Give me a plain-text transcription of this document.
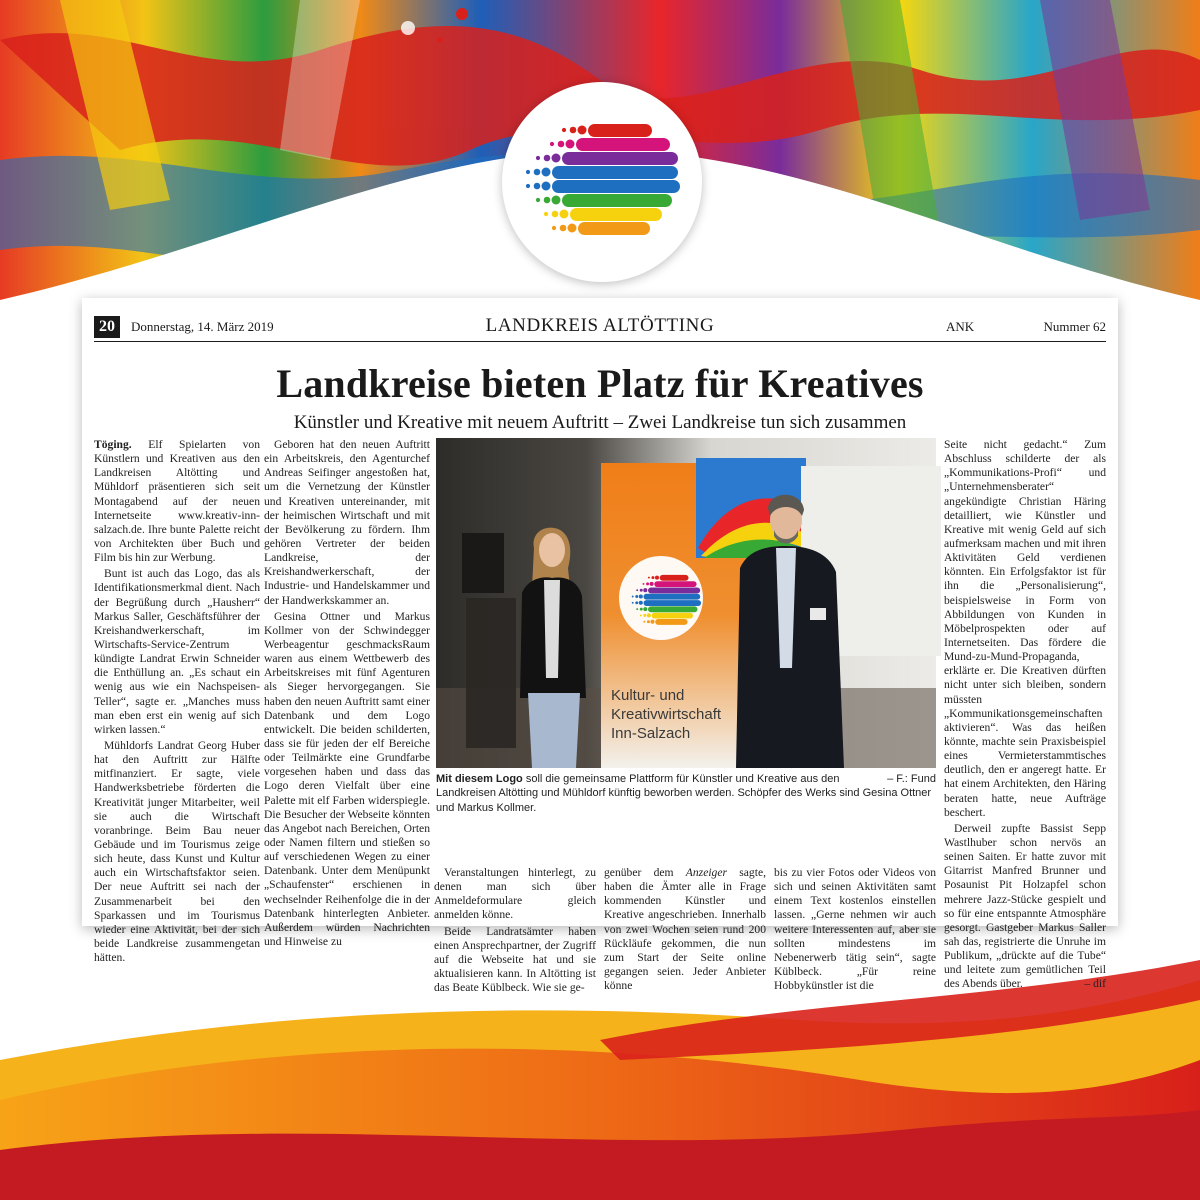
20	Donnerstag, 14. März 2019	LANDKREIS ALTÖTTING	ANK	Nummer 62
Landkreise bieten Platz für Kreatives
Künstler und Kreative mit neuem Auftritt – Zwei Landkreise tun sich zusammen

Töging. Elf Spielarten von Künstlern und Kreativen aus den Landkreisen Altötting und Mühldorf präsentieren sich seit Montagabend auf der neuen Internetseite www.kreativ-inn-salzach.de. Ihre bunte Palette reicht von Architekten über Buch und Film bis hin zur Werbung.

Bunt ist auch das Logo, das als Identifikationsmerkmal dient. Nach der Begrüßung durch „Hausherr“ Markus Saller, Geschäftsführer der Kreishandwerkerschaft, im Wirtschafts-Service-Zentrum kündigte Landrat Erwin Schneider die Enthüllung an. „Es schaut ein wenig aus wie ein Nachspeisen-Teller“, sagte er. „Manches muss man eben erst ein wenig auf sich wirken lassen.“

Mühldorfs Landrat Georg Huber hat den Auftritt zur Hälfte mitfinanziert. Er sagte, viele Handwerksbetriebe förderten die Kreativität junger Mitarbeiter, weil sie auch die Wirtschaft voranbringe. Beim Bau neuer Gebäude und im Tourismus zeige sich heute, dass Kunst und Kultur auch ein Wirtschaftsfaktor seien. Der neue Auftritt sei nach der Zusammenarbeit bei den Sparkassen und im Tourismus wieder eine Aktivität, bei der sich beide Landkreise zusammengetan hätten.

Geboren hat den neuen Auftritt ein Arbeitskreis, den Agenturchef Andreas Seifinger angestoßen hat, um die Vernetzung der Künstler und Kreativen untereinander, mit der heimischen Wirtschaft und mit der Bevölkerung zu fördern. Ihm gehören Vertreter der beiden Landkreise, der Kreishandwerkerschaft, der Industrie- und Handelskammer und der Handwerkskammer an.

Gesina Ottner und Markus Kollmer von der Schwindegger Werbeagentur geschmacksRaum waren aus einem Wettbewerb des Arbeitskreises mit fünf Agenturen als Sieger hervorgegangen. Sie haben den neuen Auftritt samt einer Datenbank und dem Logo entwickelt. Die beiden schilderten, dass sie für jeden der elf Bereiche oder Teilmärkte eine Grundfarbe vorgesehen haben und dass das Logo deren Vielfalt über eine Palette mit elf Farben widerspiegle. Die Besucher der Webseite könnten das Angebot nach Bereichen, Orten oder Namen filtern und stießen so auf verschiedenen Wegen zu einer Datenbank. Unter dem Menüpunkt „Schaufenster“ erschienen in wechselnder Reihenfolge die in der Datenbank hinterlegten Anbieter. Außerdem würden Nachrichten und Hinweise zu

Kultur- und
Kreativwirtschaft
Inn-Salzach
– F.: Fund
Mit diesem Logo soll die gemeinsame Plattform für Künstler und Kreative aus den Landkreisen Altötting und Mühldorf künftig beworben werden. Schöpfer des Werks sind Gesina Ottner und Markus Kollmer.

Veranstaltungen hinterlegt, zu denen man sich über Anmeldeformulare gleich anmelden könne.

Beide Landratsämter haben einen Ansprechpartner, der Zugriff auf die Webseite hat und sie aktualisieren kann. In Altötting ist das Beate Küblbeck. Wie sie ge-

genüber dem Anzeiger sagte, haben die Ämter alle in Frage kommenden Künstler und Kreative angeschrieben. Innerhalb von zwei Wochen seien rund 200 Rückläufe gekommen, die nun zum Start der Seite online gegangen seien. Jeder Anbieter könne

bis zu vier Fotos oder Videos von sich und seinen Aktivitäten samt einem Text kostenlos einstellen lassen. „Gerne nehmen wir auch weitere Interessenten auf, aber sie sollten mindestens im Nebenerwerb tätig sein“, sagte Küblbeck. „Für reine Hobbykünstler ist die

Seite nicht gedacht.“ Zum Abschluss schilderte der als „Kommunikations-Profi“ und „Unternehmensberater“ angekündigte Christian Häring detailliert, wie Künstler und Kreative mit wenig Geld auf sich aufmerksam machen und mit ihren Aktivitäten Geld verdienen könnten. Ein Erfolgsfaktor ist für ihn die „Personalisierung“, beispielsweise in Form von Abbildungen von Kunden in Möbelprospekten oder auf Internetseiten. Das fördere die Mund-zu-Mund-Propaganda, erklärte er. Die Kreativen dürften nicht unter sich bleiben, sondern müssten „Kommunikationsgemeinschaften aktivieren“. Was das heißen könnte, machte sein Praxisbeispiel eines Vermieterstammtisches deutlich, den er angeregt hatte. Er hat einem Architekten, den Häring beraten hatte, neue Aufträge beschert.

Derweil zupfte Bassist Sepp Wastlhuber schon nervös an seinen Saiten. Er hatte zuvor mit Gitarrist Manfred Brunner und Posaunist Pit Holzapfel schon mehrere Jazz-Stücke gespielt und so für eine entspannte Atmosphäre gesorgt. Gastgeber Markus Saller sah das, registrierte die Unruhe im Publikum, „drückte auf die Tube“ und leitete zum gemütlichen Teil des Abends über.	– dif
